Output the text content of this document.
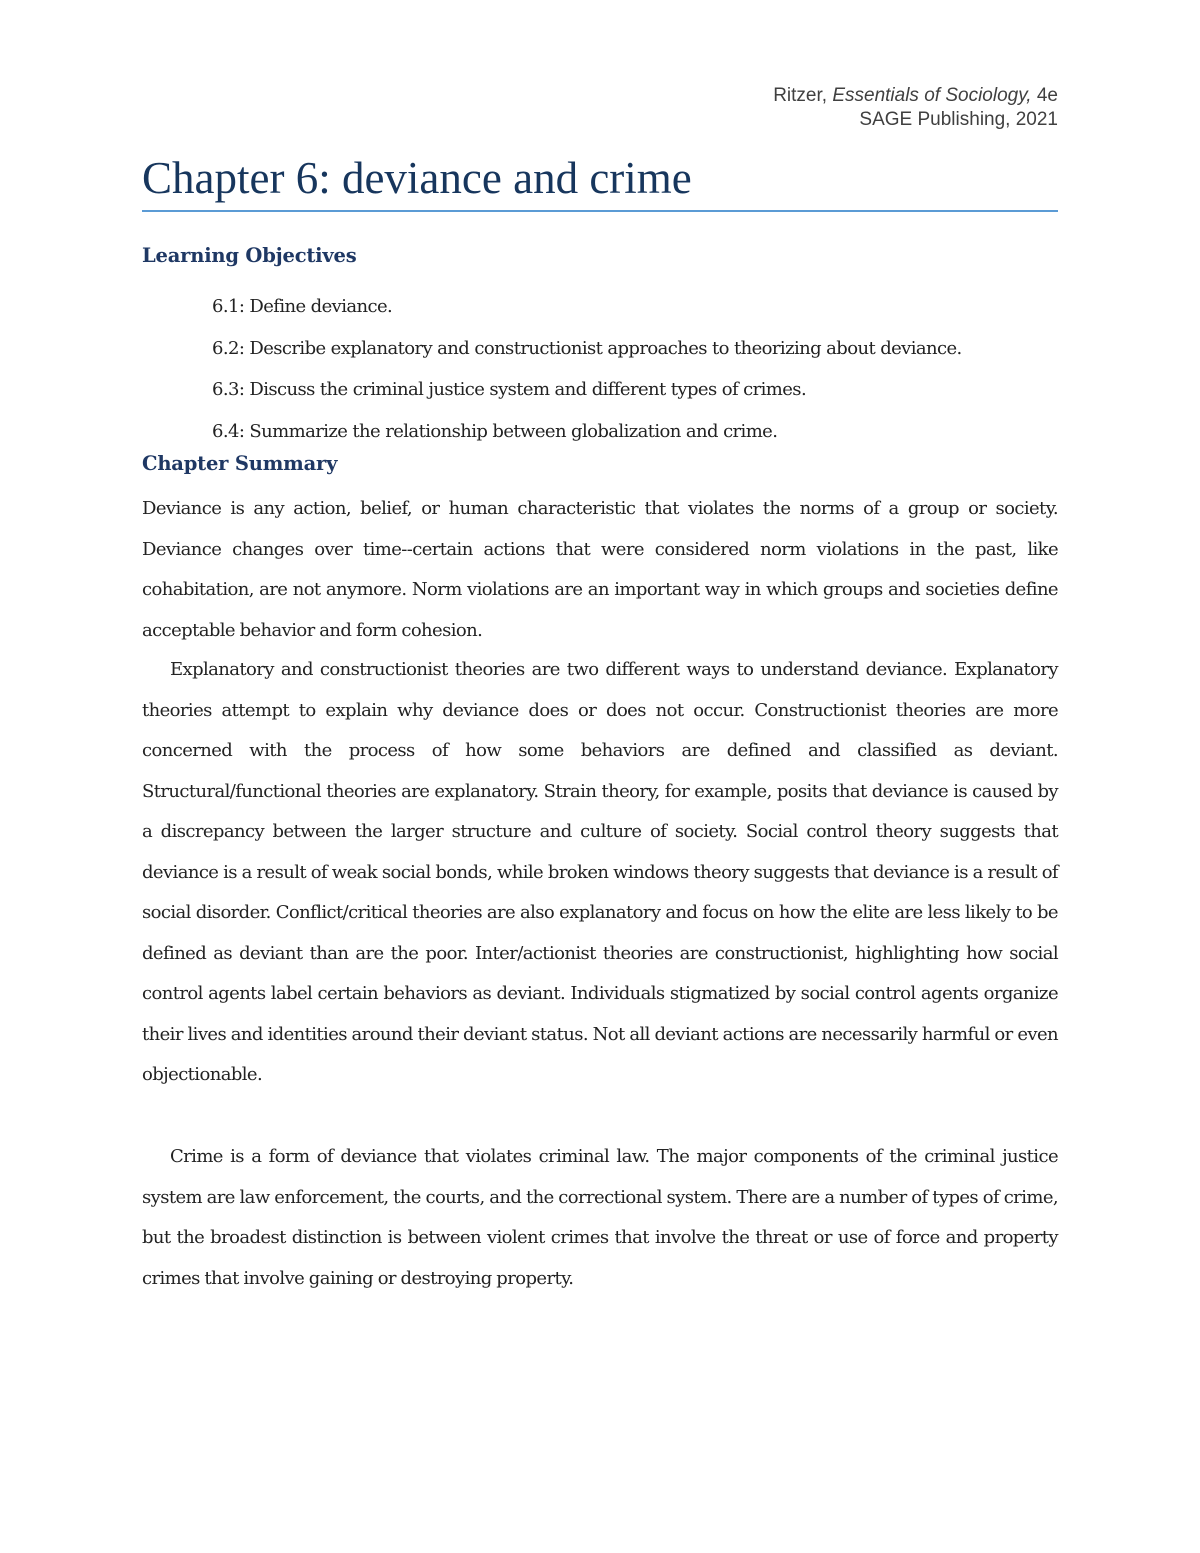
Ritzer, Essentials of Sociology, 4e
SAGE Publishing, 2021
Chapter 6: deviance and crime
Learning Objectives
6.1: Define deviance.
6.2: Describe explanatory and constructionist approaches to theorizing about deviance.
6.3: Discuss the criminal justice system and different types of crimes.
6.4: Summarize the relationship between globalization and crime.
Chapter Summary

Deviance is any action, belief, or human characteristic that violates the norms of a group or society. Deviance changes over time--certain actions that were considered norm violations in the past, like cohabitation, are not anymore. Norm violations are an important way in which groups and societies define acceptable behavior and form cohesion.

Explanatory and constructionist theories are two different ways to understand deviance. Explanatory theories attempt to explain why deviance does or does not occur. Constructionist theories are more concerned with the process of how some behaviors are defined and classified as deviant. Structural/functional theories are explanatory. Strain theory, for example, posits that deviance is caused by a discrepancy between the larger structure and culture of society. Social control theory suggests that deviance is a result of weak social bonds, while broken windows theory suggests that deviance is a result of social disorder. Conflict/critical theories are also explanatory and focus on how the elite are less likely to be defined as deviant than are the poor. Inter/actionist theories are constructionist, highlighting how social control agents label certain behaviors as deviant. Individuals stigmatized by social control agents organize their lives and identities around their deviant status. Not all deviant actions are necessarily harmful or even objectionable.

Crime is a form of deviance that violates criminal law. The major components of the criminal justice system are law enforcement, the courts, and the correctional system. There are a number of types of crime, but the broadest distinction is between violent crimes that involve the threat or use of force and property crimes that involve gaining or destroying property.
